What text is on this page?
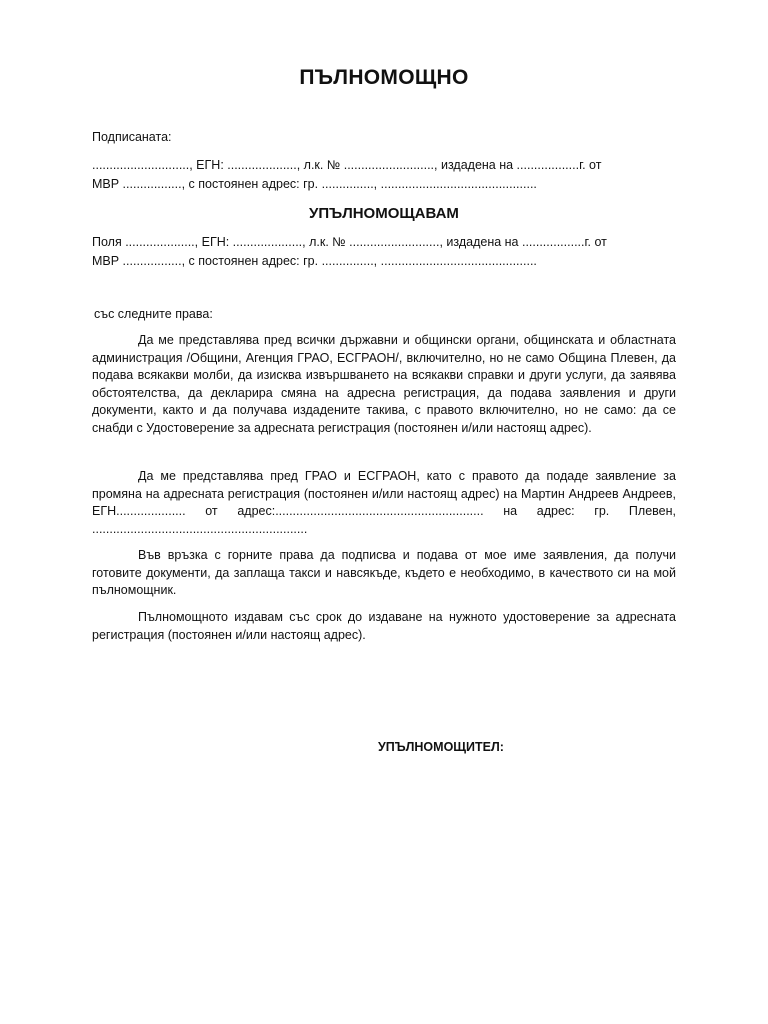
ПЪЛНОМОЩНО
Подписаната:
............................, ЕГН: ...................., л.к. № .........................., издадена на ..................г. от
МВР ................., с постоянен адрес: гр. ..............., .............................................
УПЪЛНОМОЩАВАМ
Поля ...................., ЕГН: ...................., л.к. № .........................., издадена на ..................г. от
МВР ................., с постоянен адрес: гр. ..............., .............................................
със следните права:

Да ме представлява пред всички държавни и общински органи, общинската и областната администрация /Общини, Агенция ГРАО, ЕСГРАОН/, включително, но не само Община Плевен, да подава всякакви молби, да изисква извършването на всякакви справки и други услуги, да заявява обстоятелства, да декларира смяна на адресна регистрация, да подава заявления и други документи, както и да получава издадените такива, с правото включително, но не само: да се снабди с Удостоверение за адресната регистрация (постоянен и/или настоящ адрес).

Да ме представлява пред ГРАО и ЕСГРАОН, като с правото да подаде заявление за промяна на адресната регистрация (постоянен и/или настоящ адрес) на Мартин Андреев Андреев, ЕГН.................... от адрес:............................................................ на адрес: гр. Плевен, ..............................................................

Във връзка с горните права да подписва и подава от мое име заявления, да получи готовите документи, да заплаща такси и навсякъде, където е необходимо, в качеството си на мой пълномощник.

Пълномощното издавам със срок до издаване на нужното удостоверение за адресната регистрация (постоянен и/или настоящ адрес).

УПЪЛНОМОЩИТЕЛ:
